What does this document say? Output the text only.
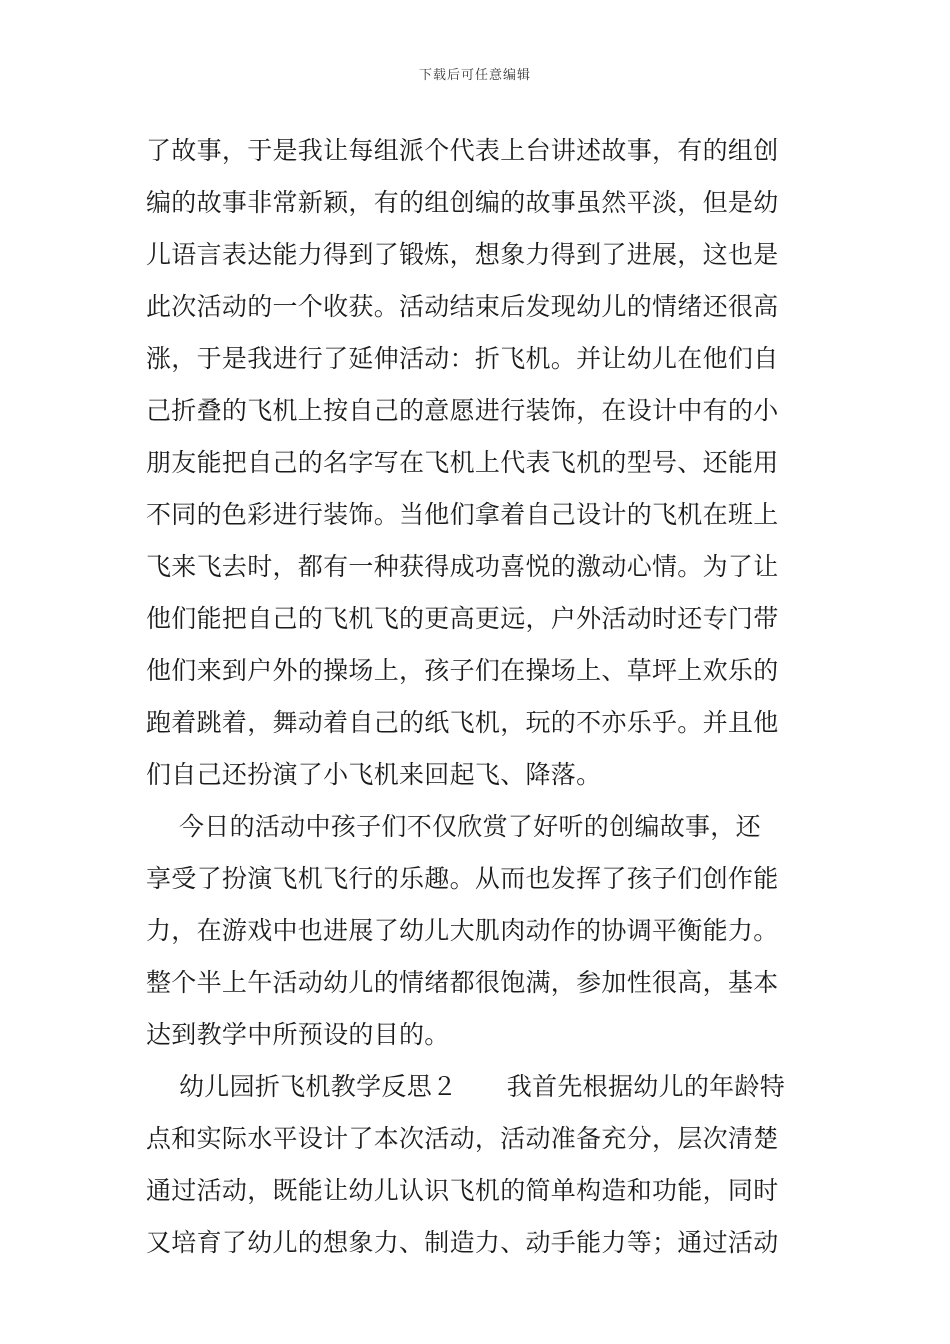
下载后可任意编辑
了故事，于是我让每组派个代表上台讲述故事，有的组创
编的故事非常新颖，有的组创编的故事虽然平淡，但是幼
儿语言表达能力得到了锻炼，想象力得到了进展，这也是
此次活动的一个收获。活动结束后发现幼儿的情绪还很高
涨，于是我进行了延伸活动：折飞机。并让幼儿在他们自
己折叠的飞机上按自己的意愿进行装饰，在设计中有的小
朋友能把自己的名字写在飞机上代表飞机的型号、还能用
不同的色彩进行装饰。当他们拿着自己设计的飞机在班上
飞来飞去时，都有一种获得成功喜悦的激动心情。为了让
他们能把自己的飞机飞的更高更远，户外活动时还专门带
他们来到户外的操场上，孩子们在操场上、草坪上欢乐的
跑着跳着，舞动着自己的纸飞机，玩的不亦乐乎。并且他
们自己还扮演了小飞机来回起飞、降落。
今日的活动中孩子们不仅欣赏了好听的创编故事，还
享受了扮演飞机飞行的乐趣。从而也发挥了孩子们创作能
力，在游戏中也进展了幼儿大肌肉动作的协调平衡能力。
整个半上午活动幼儿的情绪都很饱满，参加性很高，基本
达到教学中所预设的目的。
幼儿园折飞机教学反思２      我首先根据幼儿的年龄特
点和实际水平设计了本次活动，活动准备充分，层次清楚
通过活动，既能让幼儿认识飞机的简单构造和功能，同时
又培育了幼儿的想象力、制造力、动手能力等；通过活动
